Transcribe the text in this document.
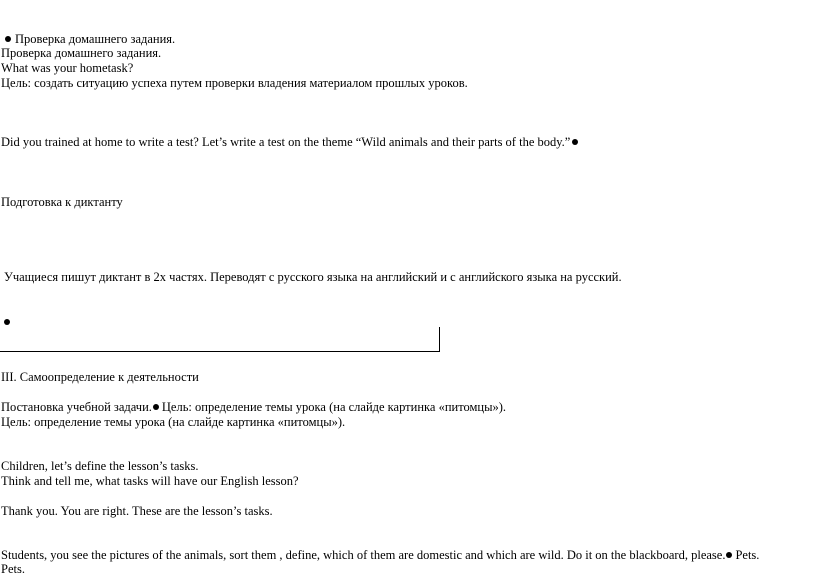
Проверка домашнего задания.

Проверка домашнего задания.

What was your hometask?

Цель: создать ситуацию успеха путем проверки владения материалом прошлых уроков.

Did you trained at home to write a test? Let’s write a test on the theme “Wild animals and their parts of the body.”

Подготовка к диктанту

Учащиеся пишут диктант в 2х частях. Переводят с русского языка на английский и с английского языка на русский.

III. Самоопределение к деятельности

Постановка учебной задачи. Цель: определение темы урока (на слайде картинка «питомцы»).

Цель: определение темы урока (на слайде картинка «питомцы»).

Children, let’s define the lesson’s tasks.

Think and tell me, what tasks will have our English lesson?

Thank you. You are right. These are the lesson’s tasks.

Students, you see the pictures of the animals, sort them , define, which of them are domestic and which are wild. Do it on the blackboard, please. Pets.

Pets.
